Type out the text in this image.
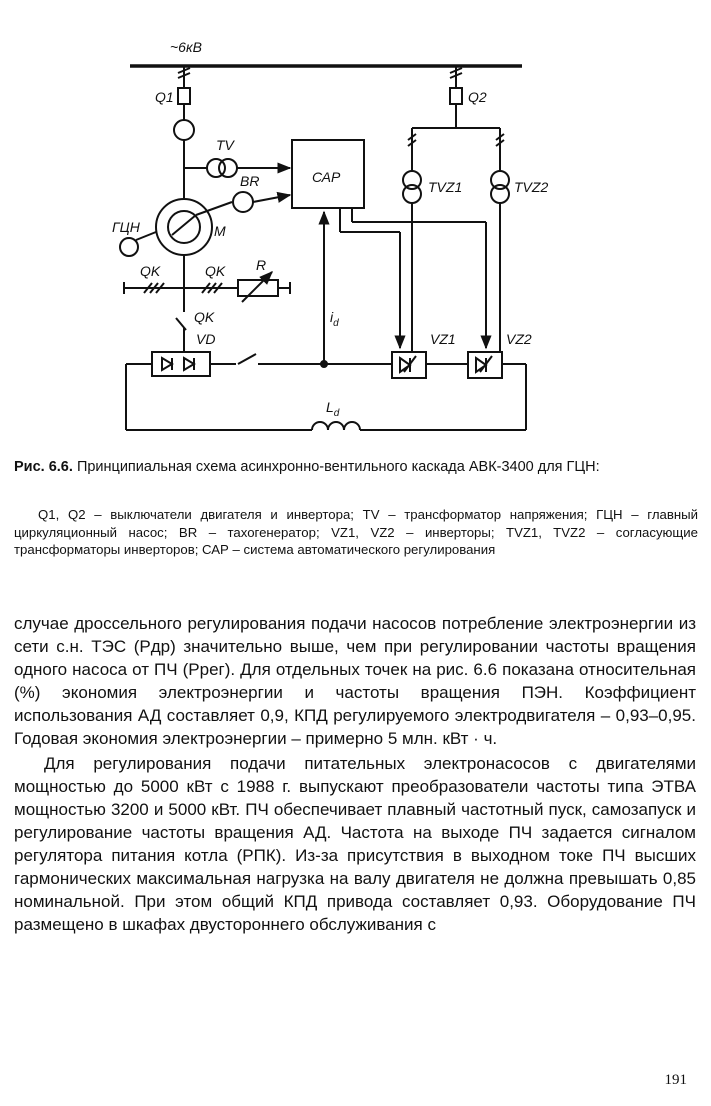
~6кВ
Q1	Q2
TV
BR	САР
ГЦН	M
QK	QK R
QK
VD
$i_d$
TVZ1	TVZ2
VZ1	VZ2
$L_d$
Рис. 6.6. Принципиальная схема асинхронно-вентильного каскада АВК-3400 для ГЦН:
Q1, Q2 – выключатели двигателя и инвертора; TV – трансформатор напряжения; ГЦН – главный циркуляционный насос; BR – тахогенератор; VZ1, VZ2 – инверторы; TVZ1, TVZ2 – согласующие трансформаторы инверторов; САР – система автоматического регулирования

случае дроссельного регулирования подачи насосов потребление электроэнергии из сети с.н. ТЭС (Pдр) значительно выше, чем при регулировании частоты вращения одного насоса от ПЧ (Pрег). Для отдельных точек на рис. 6.6 показана относительная (%) экономия электроэнергии и частоты вращения ПЭН. Коэффициент использования АД составляет 0,9, КПД регулируемого электродвигателя – 0,93–0,95. Годовая экономия электроэнергии – примерно 5 млн. кВт · ч.

Для регулирования подачи питательных электронасосов с двигателями мощностью до 5000 кВт с 1988 г. выпускают преобразователи частоты типа ЭТВА мощностью 3200 и 5000 кВт. ПЧ обеспечивает плавный частотный пуск, самозапуск и регулирование частоты вращения АД. Частота на выходе ПЧ задается сигналом регулятора питания котла (РПК). Из-за присутствия в выходном токе ПЧ высших гармонических максимальная нагрузка на валу двигателя не должна превышать 0,85 номинальной. При этом общий КПД привода составляет 0,93. Оборудование ПЧ размещено в шкафах двустороннего обслуживания с

191
